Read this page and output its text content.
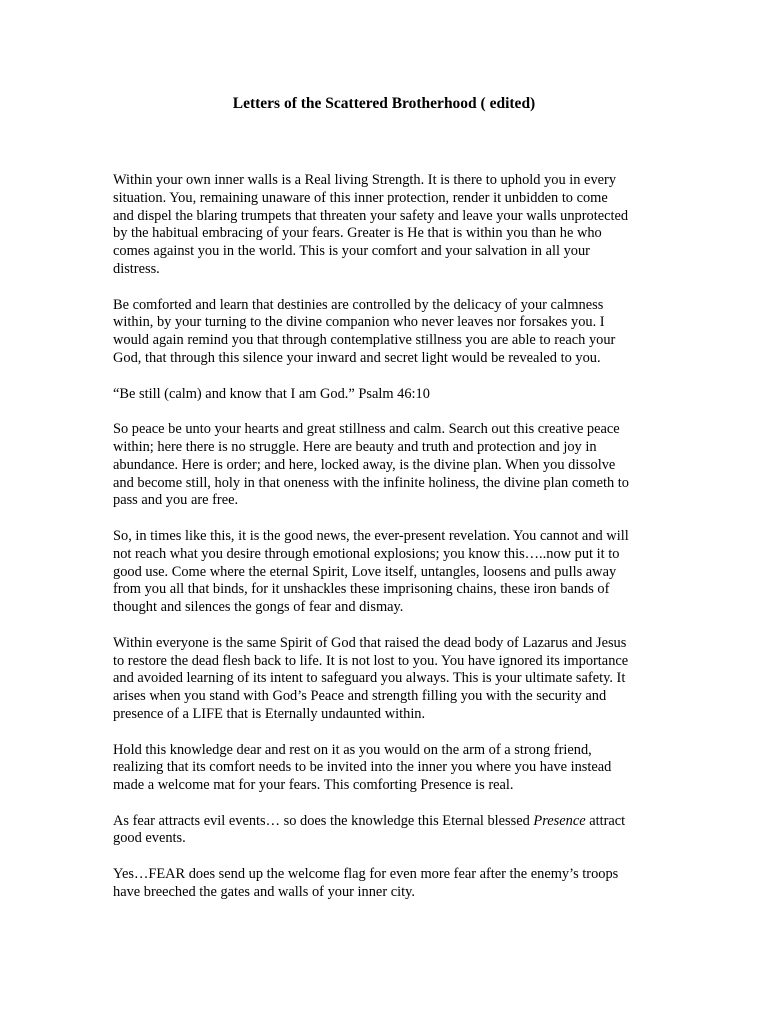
Letters of the Scattered Brotherhood ( edited)

Within your own inner walls is a Real living Strength. It is there to uphold you in every
situation. You, remaining unaware of this inner protection, render it unbidden to come
and dispel the blaring trumpets that threaten your safety and leave your walls unprotected
by the habitual embracing of your fears. Greater is He that is within you than he who
comes against you in the world. This is your comfort and your salvation in all your
distress.

Be comforted and learn that destinies are controlled by the delicacy of your calmness
within, by your turning to the divine companion who never leaves nor forsakes you. I
would again remind you that through contemplative stillness you are able to reach your
God, that through this silence your inward and secret light would be revealed to you.

“Be still (calm) and know that I am God.” Psalm 46:10

So peace be unto your hearts and great stillness and calm. Search out this creative peace
within; here there is no struggle. Here are beauty and truth and protection and joy in
abundance. Here is order; and here, locked away, is the divine plan. When you dissolve
and become still, holy in that oneness with the infinite holiness, the divine plan cometh to
pass and you are free.

So, in times like this, it is the good news, the ever-present revelation. You cannot and will
not reach what you desire through emotional explosions; you know this…..now put it to
good use. Come where the eternal Spirit, Love itself, untangles, loosens and pulls away
from you all that binds, for it unshackles these imprisoning chains, these iron bands of
thought and silences the gongs of fear and dismay.

Within everyone is the same Spirit of God that raised the dead body of Lazarus and Jesus
to restore the dead flesh back to life. It is not lost to you. You have ignored its importance
and avoided learning of its intent to safeguard you always. This is your ultimate safety. It
arises when you stand with God’s Peace and strength filling you with the security and
presence of a LIFE that is Eternally undaunted within.

Hold this knowledge dear and rest on it as you would on the arm of a strong friend,
realizing that its comfort needs to be invited into the inner you where you have instead
made a welcome mat for your fears. This comforting Presence is real.

As fear attracts evil events… so does the knowledge this Eternal blessed Presence attract
good events.

Yes…FEAR does send up the welcome flag for even more fear after the enemy’s troops
have breeched the gates and walls of your inner city.
